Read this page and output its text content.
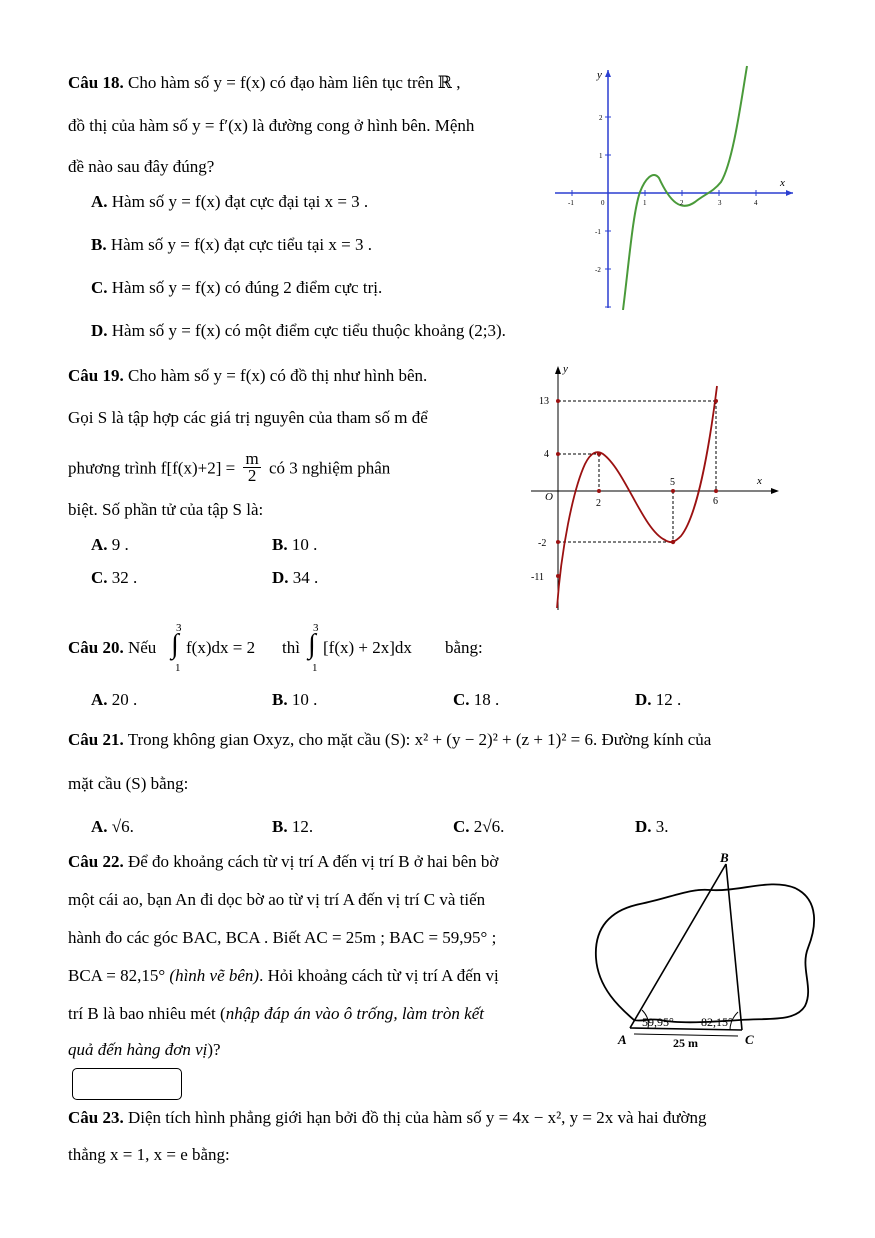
Câu 18. Cho hàm số y = f(x) có đạo hàm liên tục trên ℝ ,
đồ thị của hàm số y = f′(x) là đường cong ở hình bên. Mệnh
đề nào sau đây đúng?
A. Hàm số y = f(x) đạt cực đại tại x = 3 .
B. Hàm số y = f(x) đạt cực tiểu tại x = 3 .
C. Hàm số y = f(x) có đúng 2 điểm cực trị.
D. Hàm số y = f(x) có một điểm cực tiểu thuộc khoảng (2;3).
y
x
-1	0	1	2	3	4
2
1
-1
-2
Câu 19. Cho hàm số y = f(x) có đồ thị như hình bên.
Gọi S là tập hợp các giá trị nguyên của tham số m để
phương trình $f[f(x)+2] = \frac{m}{2}$ có 3 nghiệm phân
biệt. Số phần tử của tập S là:
A. 9 .	B. 10 .
C. 32 .	D. 34 .
y
x
O
2
5
6
13
4
-2
-11
Câu 20. Nếu
3
∫
1
f(x)dx = 2 thì
3
∫
1
[f(x) + 2x]dx bằng:
A. 20 .	B. 10 .	C. 18 .	D. 12 .
Câu 21. Trong không gian Oxyz, cho mặt cầu (S): x² + (y − 2)² + (z + 1)² = 6. Đường kính của
mặt cầu (S) bằng:
A. √6.	B. 12.	C. 2√6.	D. 3.
Câu 22. Để đo khoảng cách từ vị trí A đến vị trí B ở hai bên bờ
một cái ao, bạn An đi dọc bờ ao từ vị trí A đến vị trí C và tiến
hành đo các góc BAC, BCA . Biết AC = 25m ; BAC = 59,95° ;
BCA = 82,15° (hình vẽ bên). Hỏi khoảng cách từ vị trí A đến vị
trí B là bao nhiêu mét (nhập đáp án vào ô trống, làm tròn kết
quả đến hàng đơn vị)?
B
A	C
59,95° 82,15°
25 m
Câu 23. Diện tích hình phẳng giới hạn bởi đồ thị của hàm số y = 4x − x², y = 2x và hai đường
thẳng x = 1, x = e bằng:
